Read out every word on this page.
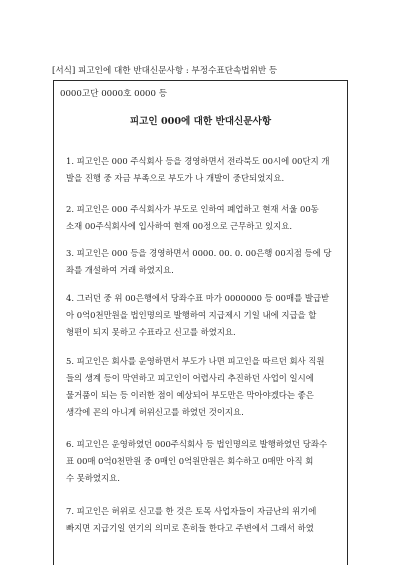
[서식] 피고인에 대한 반대신문사항 : 부정수표단속법위반 등
0000고단 0000호 0000 등
피고인 000에 대한 반대신문사항
1. 피고인은 000 주식회사 등을 경영하면서 전라북도 00시에 00단지 개
발을 진행 중 자금 부족으로 부도가 나 개발이 중단되었지요.
2. 피고인은 000 주식회사가 부도로 인하여 폐업하고 현재 서울 00동
소재 00주식회사에 입사하여 현재 00정으로 근무하고 있지요.
3. 피고인은 000 등을 경영하면서 0000. 00. 0. 00은행 00지점 등에 당
좌를 개설하여 거래 하였지요.
4. 그러던 중 위 00은행에서 당좌수표 마가 0000000 등 00매를 발급받
아 0억0천만원을 법인명의로 발행하여 지급제시 기일 내에 지급을 할
형편이 되지 못하고 수표라고 신고를 하였지요.
5. 피고인은 회사를 운영하면서 부도가 나면 피고인을 따르던 회사 직원
들의 생계 등이 막연하고 피고인이 어렵사리 추진하던 사업이 일시에
물거품이 되는 등 이러한 점이 예상되어 부도만은 막아야겠다는 좋은
생각에 꼰의 아니게 허위신고를 하였던 것이지요.
6. 피고인은 운영하였던 000주식회사 등 법인명의로 발행하였던 당좌수
표 00매 0억0천만원 중 0매인 0억원만원은 회수하고 0매만 아직 회
수 못하였지요.
7. 피고인은 허위로 신고를 한 것은 토목 사업자들이 자금난의 위기에
빠지면 지급기일 연기의 의미로 흔히들 한다고 주변에서 그래서 하였
